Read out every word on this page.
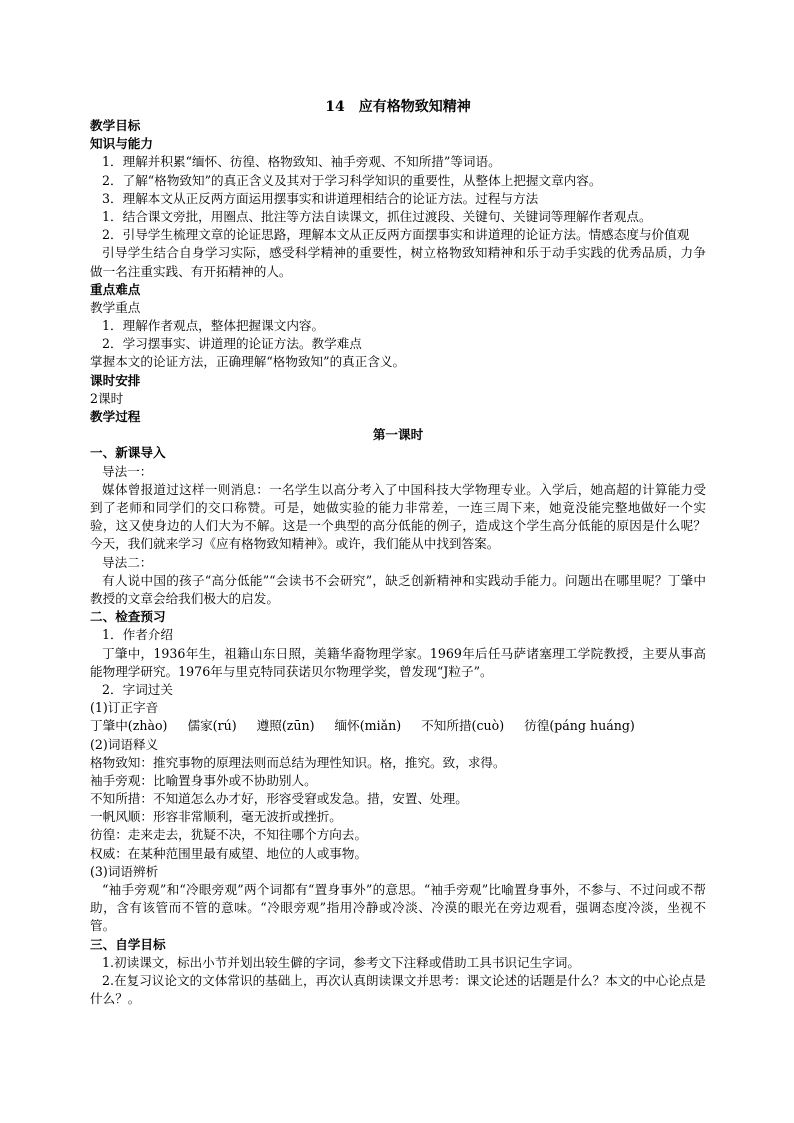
14　应有格物致知精神
教学目标
知识与能力
1．理解并积累“缅怀、彷徨、格物致知、袖手旁观、不知所措”等词语。
2．了解“格物致知”的真正含义及其对于学习科学知识的重要性，从整体上把握文章内容。
3．理解本文从正反两方面运用摆事实和讲道理相结合的论证方法。过程与方法
1．结合课文旁批，用圈点、批注等方法自读课文，抓住过渡段、关键句、关键词等理解作者观点。
2．引导学生梳理文章的论证思路，理解本文从正反两方面摆事实和讲道理的论证方法。情感态度与价值观
引导学生结合自身学习实际，感受科学精神的重要性，树立格物致知精神和乐于动手实践的优秀品质，力争做一名注重实践、有开拓精神的人。
重点难点
教学重点
1．理解作者观点，整体把握课文内容。
2．学习摆事实、讲道理的论证方法。教学难点
掌握本文的论证方法，正确理解“格物致知”的真正含义。
课时安排
2课时
教学过程
第一课时
一、新课导入
导法一：
媒体曾报道过这样一则消息：一名学生以高分考入了中国科技大学物理专业。入学后，她高超的计算能力受到了老师和同学们的交口称赞。可是，她做实验的能力非常差，一连三周下来，她竟没能完整地做好一个实验，这又使身边的人们大为不解。这是一个典型的高分低能的例子，造成这个学生高分低能的原因是什么呢？今天，我们就来学习《应有格物致知精神》。或许，我们能从中找到答案。
导法二：
有人说中国的孩子“高分低能”“会读书不会研究”，缺乏创新精神和实践动手能力。问题出在哪里呢？丁肇中教授的文章会给我们极大的启发。
二、检查预习
1．作者介绍
丁肇中，1936年生，祖籍山东日照，美籍华裔物理学家。1969年后任马萨诸塞理工学院教授，主要从事高能物理学研究。1976年与里克特同获诺贝尔物理学奖，曾发现“J粒子”。
2．字词过关
(1)订正字音
丁肇中(zhào) 儒家(rú) 遵照(zūn) 缅怀(miǎn) 不知所措(cuò) 彷徨(páng huáng)
(2)词语释义
格物致知：推究事物的原理法则而总结为理性知识。格，推究。致，求得。
袖手旁观：比喻置身事外或不协助别人。
不知所措：不知道怎么办才好，形容受窘或发急。措，安置、处理。
一帆风顺：形容非常顺利，毫无波折或挫折。
彷徨：走来走去，犹疑不决，不知往哪个方向去。
权威：在某种范围里最有威望、地位的人或事物。
(3)词语辨析
“袖手旁观”和“冷眼旁观”两个词都有“置身事外”的意思。“袖手旁观”比喻置身事外，不参与、不过问或不帮助，含有该管而不管的意味。“冷眼旁观”指用冷静或冷淡、冷漠的眼光在旁边观看，强调态度冷淡，坐视不管。
三、自学目标
1.初读课文，标出小节并划出较生僻的字词，参考文下注释或借助工具书识记生字词。
2.在复习议论文的文体常识的基础上，再次认真朗读课文并思考：课文论述的话题是什么？本文的中心论点是什么？。
